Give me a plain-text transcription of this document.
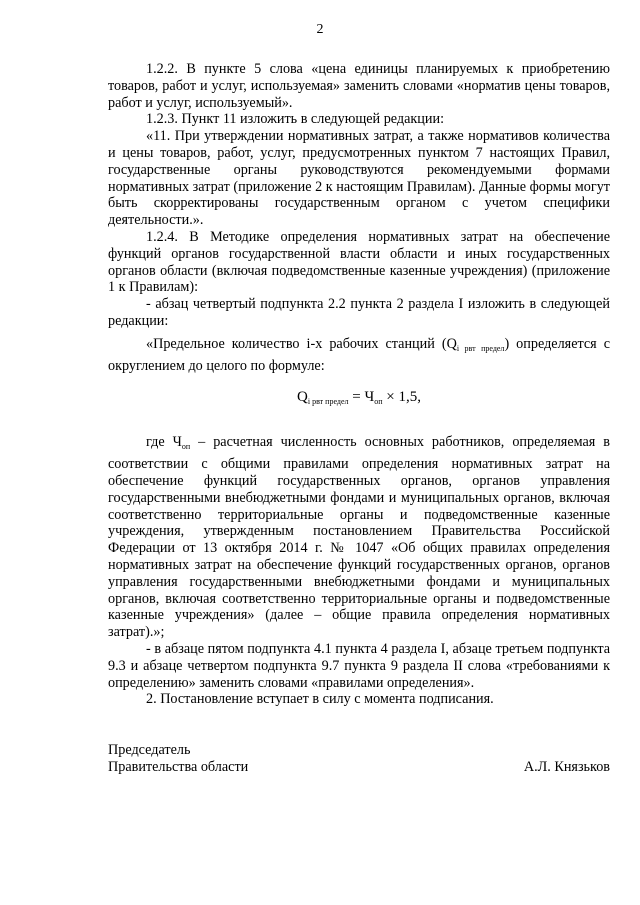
2

1.2.2. В пункте 5 слова «цена единицы планируемых к приобретению товаров, работ и услуг, используемая» заменить словами «норматив цены товаров, работ и услуг, используемый».

1.2.3. Пункт 11 изложить в следующей редакции:

«11. При утверждении нормативных затрат, а также нормативов количества и цены товаров, работ, услуг, предусмотренных пунктом 7 настоящих Правил, государственные органы руководствуются рекомендуемыми формами нормативных затрат (приложение 2 к настоящим Правилам). Данные формы могут быть скорректированы государственным органом с учетом специфики деятельности.».

1.2.4. В Методике определения нормативных затрат на обеспечение функций органов государственной власти области и иных государственных органов области (включая подведомственные казенные учреждения) (приложение 1 к Правилам):

- абзац четвертый подпункта 2.2 пункта 2 раздела I изложить в следующей редакции:

«Предельное количество i-х рабочих станций $(Q_{i рвт предел})$ определяется с округлением до целого по формуле:

$Q_{i рвт предел} = Ч_{оп} \times 1,5$,

где $Ч_{оп}$ – расчетная численность основных работников, определяемая в соответствии с общими правилами определения нормативных затрат на обеспечение функций государственных органов, органов управления государственными внебюджетными фондами и муниципальных органов, включая соответственно территориальные органы и подведомственные казенные учреждения, утвержденным постановлением Правительства Российской Федерации от 13 октября 2014 г. № 1047 «Об общих правилах определения нормативных затрат на обеспечение функций государственных органов, органов управления государственными внебюджетными фондами и муниципальных органов, включая соответственно территориальные органы и подведомственные казенные учреждения» (далее – общие правила определения нормативных затрат).»;

- в абзаце пятом подпункта 4.1 пункта 4 раздела I, абзаце третьем подпункта 9.3 и абзаце четвертом подпункта 9.7 пункта 9 раздела II слова «требованиями к определению» заменить словами «правилами определения».

2. Постановление вступает в силу с момента подписания.

Председатель
Правительства области	А.Л. Князьков
